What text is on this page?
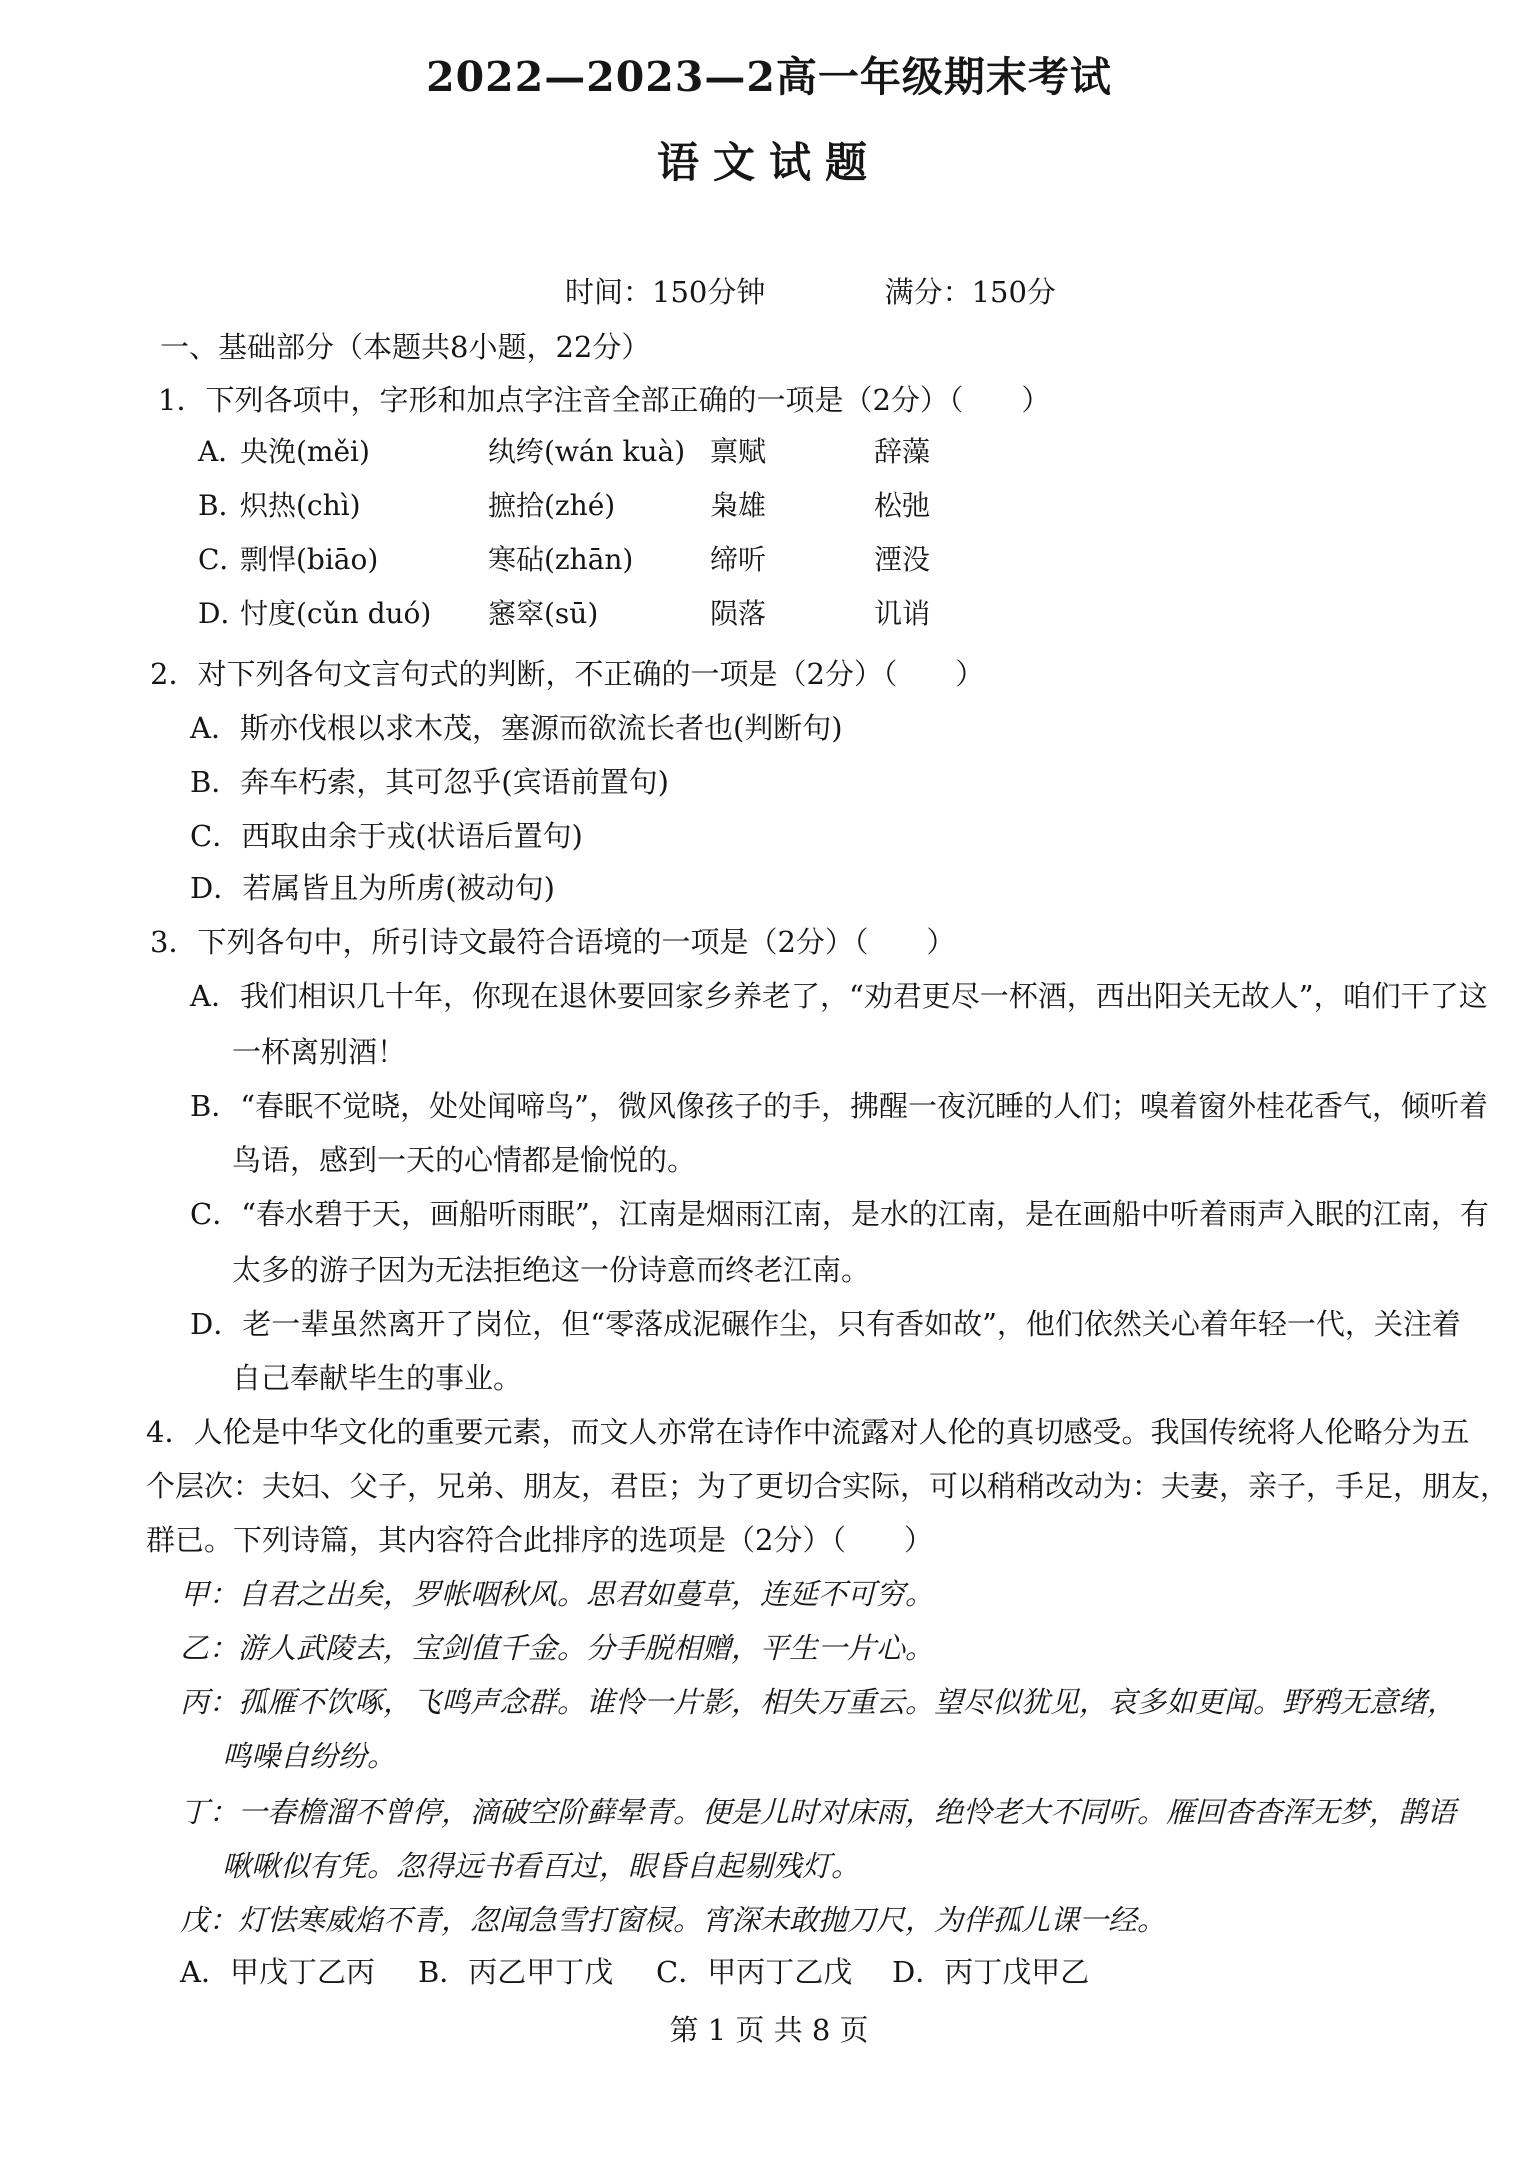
2022—2023—2高一年级期末考试
语文试题
时间：150分钟	满分：150分
一、基础部分（本题共8小题，22分）
1．下列各项中，字形和加点字注音全部正确的一项是（2分）（　　）
A．
央浼(měi)	纨绔(wán kuà) 禀赋	辞藻
B．
炽热(chì)	摭拾(zhé)	枭雄	松弛
C．
剽悍(biāo)	寒砧(zhān)	缔听	湮没
D．
忖度(cǔn duó) 窸窣(sū)	陨落	讥诮
2．对下列各句文言句式的判断，不正确的一项是（2分）（　　）
A．斯亦伐根以求木茂，塞源而欲流长者也(判断句)
B．奔车朽索，其可忽乎(宾语前置句)
C．西取由余于戎(状语后置句)
D．若属皆且为所虏(被动句)
3．下列各句中，所引诗文最符合语境的一项是（2分）（　　）
A．我们相识几十年，你现在退休要回家乡养老了，“劝君更尽一杯酒，西出阳关无故人”，咱们干了这
一杯离别酒！
B．“春眠不觉晓，处处闻啼鸟”，微风像孩子的手，拂醒一夜沉睡的人们；嗅着窗外桂花香气，倾听着
鸟语，感到一天的心情都是愉悦的。
C．“春水碧于天，画船听雨眠”，江南是烟雨江南，是水的江南，是在画船中听着雨声入眠的江南，有
太多的游子因为无法拒绝这一份诗意而终老江南。
D．老一辈虽然离开了岗位，但“零落成泥碾作尘，只有香如故”，他们依然关心着年轻一代，关注着
自己奉献毕生的事业。
4．人伦是中华文化的重要元素，而文人亦常在诗作中流露对人伦的真切感受。我国传统将人伦略分为五
个层次：夫妇、父子，兄弟、朋友，君臣；为了更切合实际，可以稍稍改动为：夫妻，亲子，手足，朋友，
群已。下列诗篇，其内容符合此排序的选项是（2分）（　　）
甲：自君之出矣，罗帐咽秋风。思君如蔓草，连延不可穷。
乙：游人武陵去，宝剑值千金。分手脱相赠，平生一片心。
丙：孤雁不饮啄，飞鸣声念群。谁怜一片影，相失万重云。望尽似犹见，哀多如更闻。野鸦无意绪，
鸣噪自纷纷。
丁：一春檐溜不曾停，滴破空阶藓晕青。便是儿时对床雨，绝怜老大不同听。雁回杳杳浑无梦，鹊语
啾啾似有凭。忽得远书看百过，眼昏自起剔残灯。
戊：灯怯寒威焰不青，忽闻急雪打窗棂。宵深未敢抛刀尺，为伴孤儿课一经。
A．甲戊丁乙丙 B．丙乙甲丁戊 C．甲丙丁乙戊 D．丙丁戊甲乙
第 1 页 共 8 页
